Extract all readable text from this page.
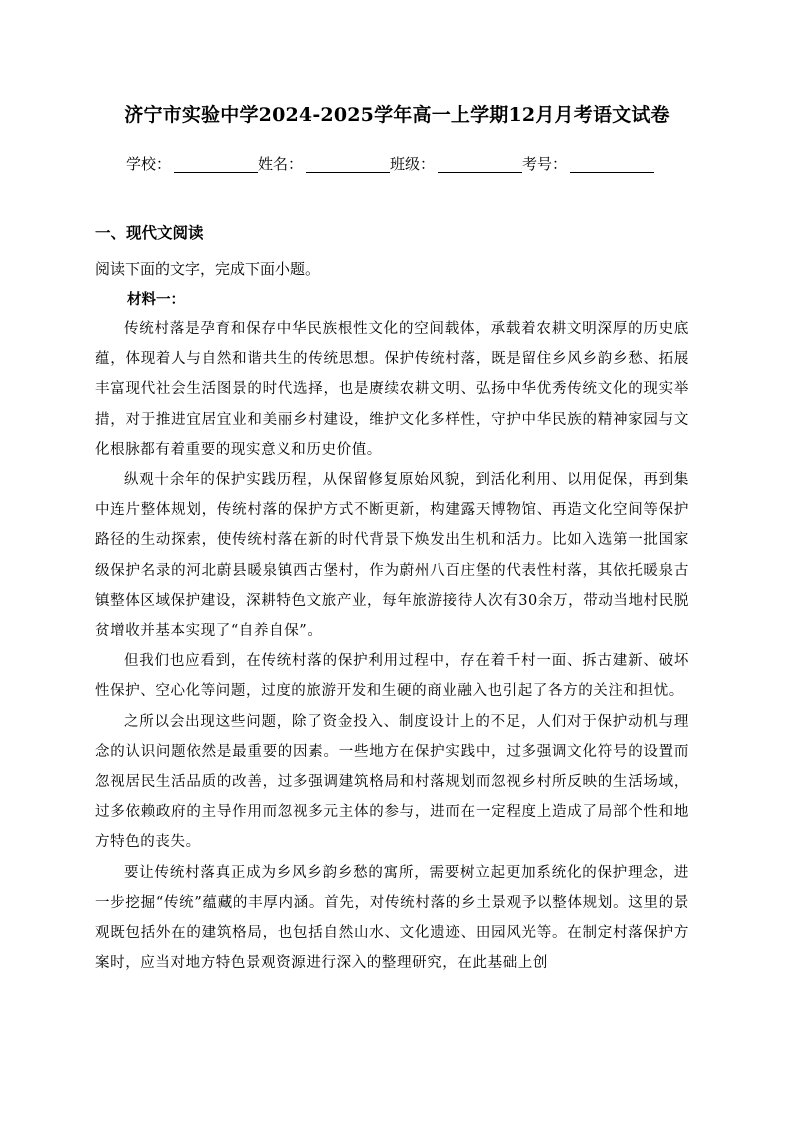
济宁市实验中学2024-2025学年高一上学期12月月考语文试卷
学校：	姓名：	班级：	考号：
一、现代文阅读
阅读下面的文字，完成下面小题。
材料一：

传统村落是孕育和保存中华民族根性文化的空间载体，承载着农耕文明深厚的历史底蕴，体现着人与自然和谐共生的传统思想。保护传统村落，既是留住乡风乡韵乡愁、拓展丰富现代社会生活图景的时代选择，也是赓续农耕文明、弘扬中华优秀传统文化的现实举措，对于推进宜居宜业和美丽乡村建设，维护文化多样性，守护中华民族的精神家园与文化根脉都有着重要的现实意义和历史价值。

纵观十余年的保护实践历程，从保留修复原始风貌，到活化利用、以用促保，再到集中连片整体规划，传统村落的保护方式不断更新，构建露天博物馆、再造文化空间等保护路径的生动探索，使传统村落在新的时代背景下焕发出生机和活力。比如入选第一批国家级保护名录的河北蔚县暖泉镇西古堡村，作为蔚州八百庄堡的代表性村落，其依托暖泉古镇整体区域保护建设，深耕特色文旅产业，每年旅游接待人次有30余万，带动当地村民脱贫增收并基本实现了“自养自保”。

但我们也应看到，在传统村落的保护利用过程中，存在着千村一面、拆古建新、破坏性保护、空心化等问题，过度的旅游开发和生硬的商业融入也引起了各方的关注和担忧。

之所以会出现这些问题，除了资金投入、制度设计上的不足，人们对于保护动机与理念的认识问题依然是最重要的因素。一些地方在保护实践中，过多强调文化符号的设置而忽视居民生活品质的改善，过多强调建筑格局和村落规划而忽视乡村所反映的生活场域，过多依赖政府的主导作用而忽视多元主体的参与，进而在一定程度上造成了局部个性和地方特色的丧失。

要让传统村落真正成为乡风乡韵乡愁的寓所，需要树立起更加系统化的保护理念，进一步挖掘“传统”蕴藏的丰厚内涵。首先，对传统村落的乡土景观予以整体规划。这里的景观既包括外在的建筑格局，也包括自然山水、文化遗迹、田园风光等。在制定村落保护方案时，应当对地方特色景观资源进行深入的整理研究，在此基础上创
